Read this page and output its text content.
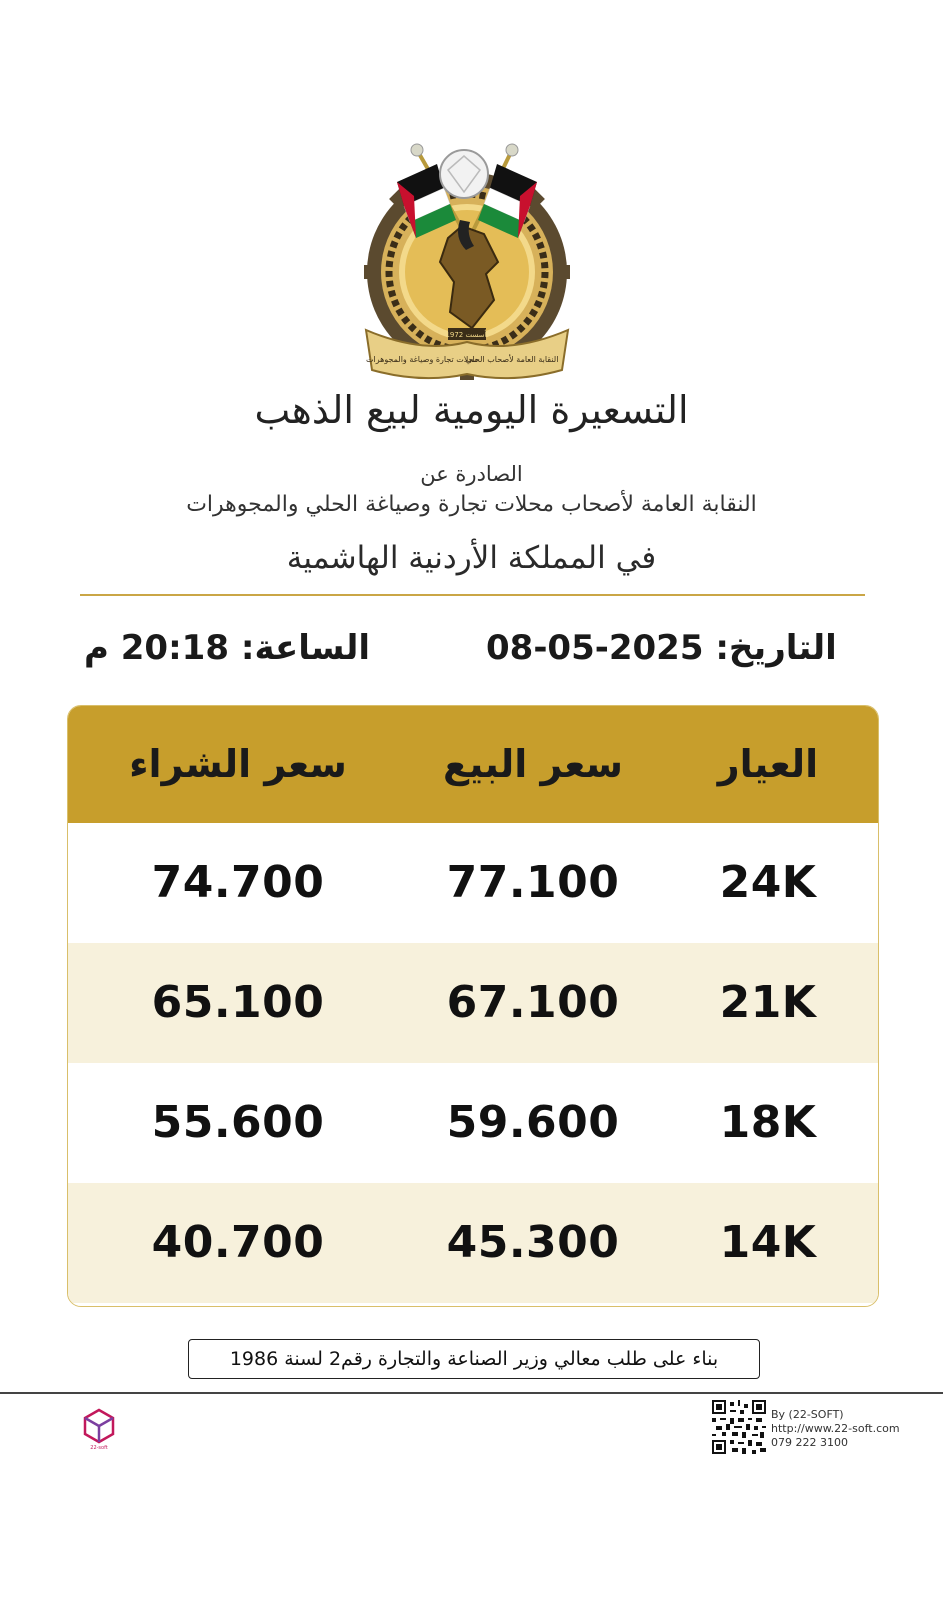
محلات تجارة وصياغة والمجوهرات
النقابة العامة لأصحاب الحلي
تأسست 1972
التسعيرة اليومية لبيع الذهب
الصادرة عن
النقابة العامة لأصحاب محلات تجارة وصياغة الحلي والمجوهرات
في المملكة الأردنية الهاشمية
التاريخ: 08-05-2025
الساعة: 20:18 م
العيار
سعر البيع
سعر الشراء
24K
77.100
74.700
21K
67.100
65.100
18K
59.600
55.600
14K
45.300
40.700
بناء على طلب معالي وزير الصناعة والتجارة رقم2 لسنة 1986
22-soft
By (22-SOFT)
http://www.22-soft.com
079 222 3100
